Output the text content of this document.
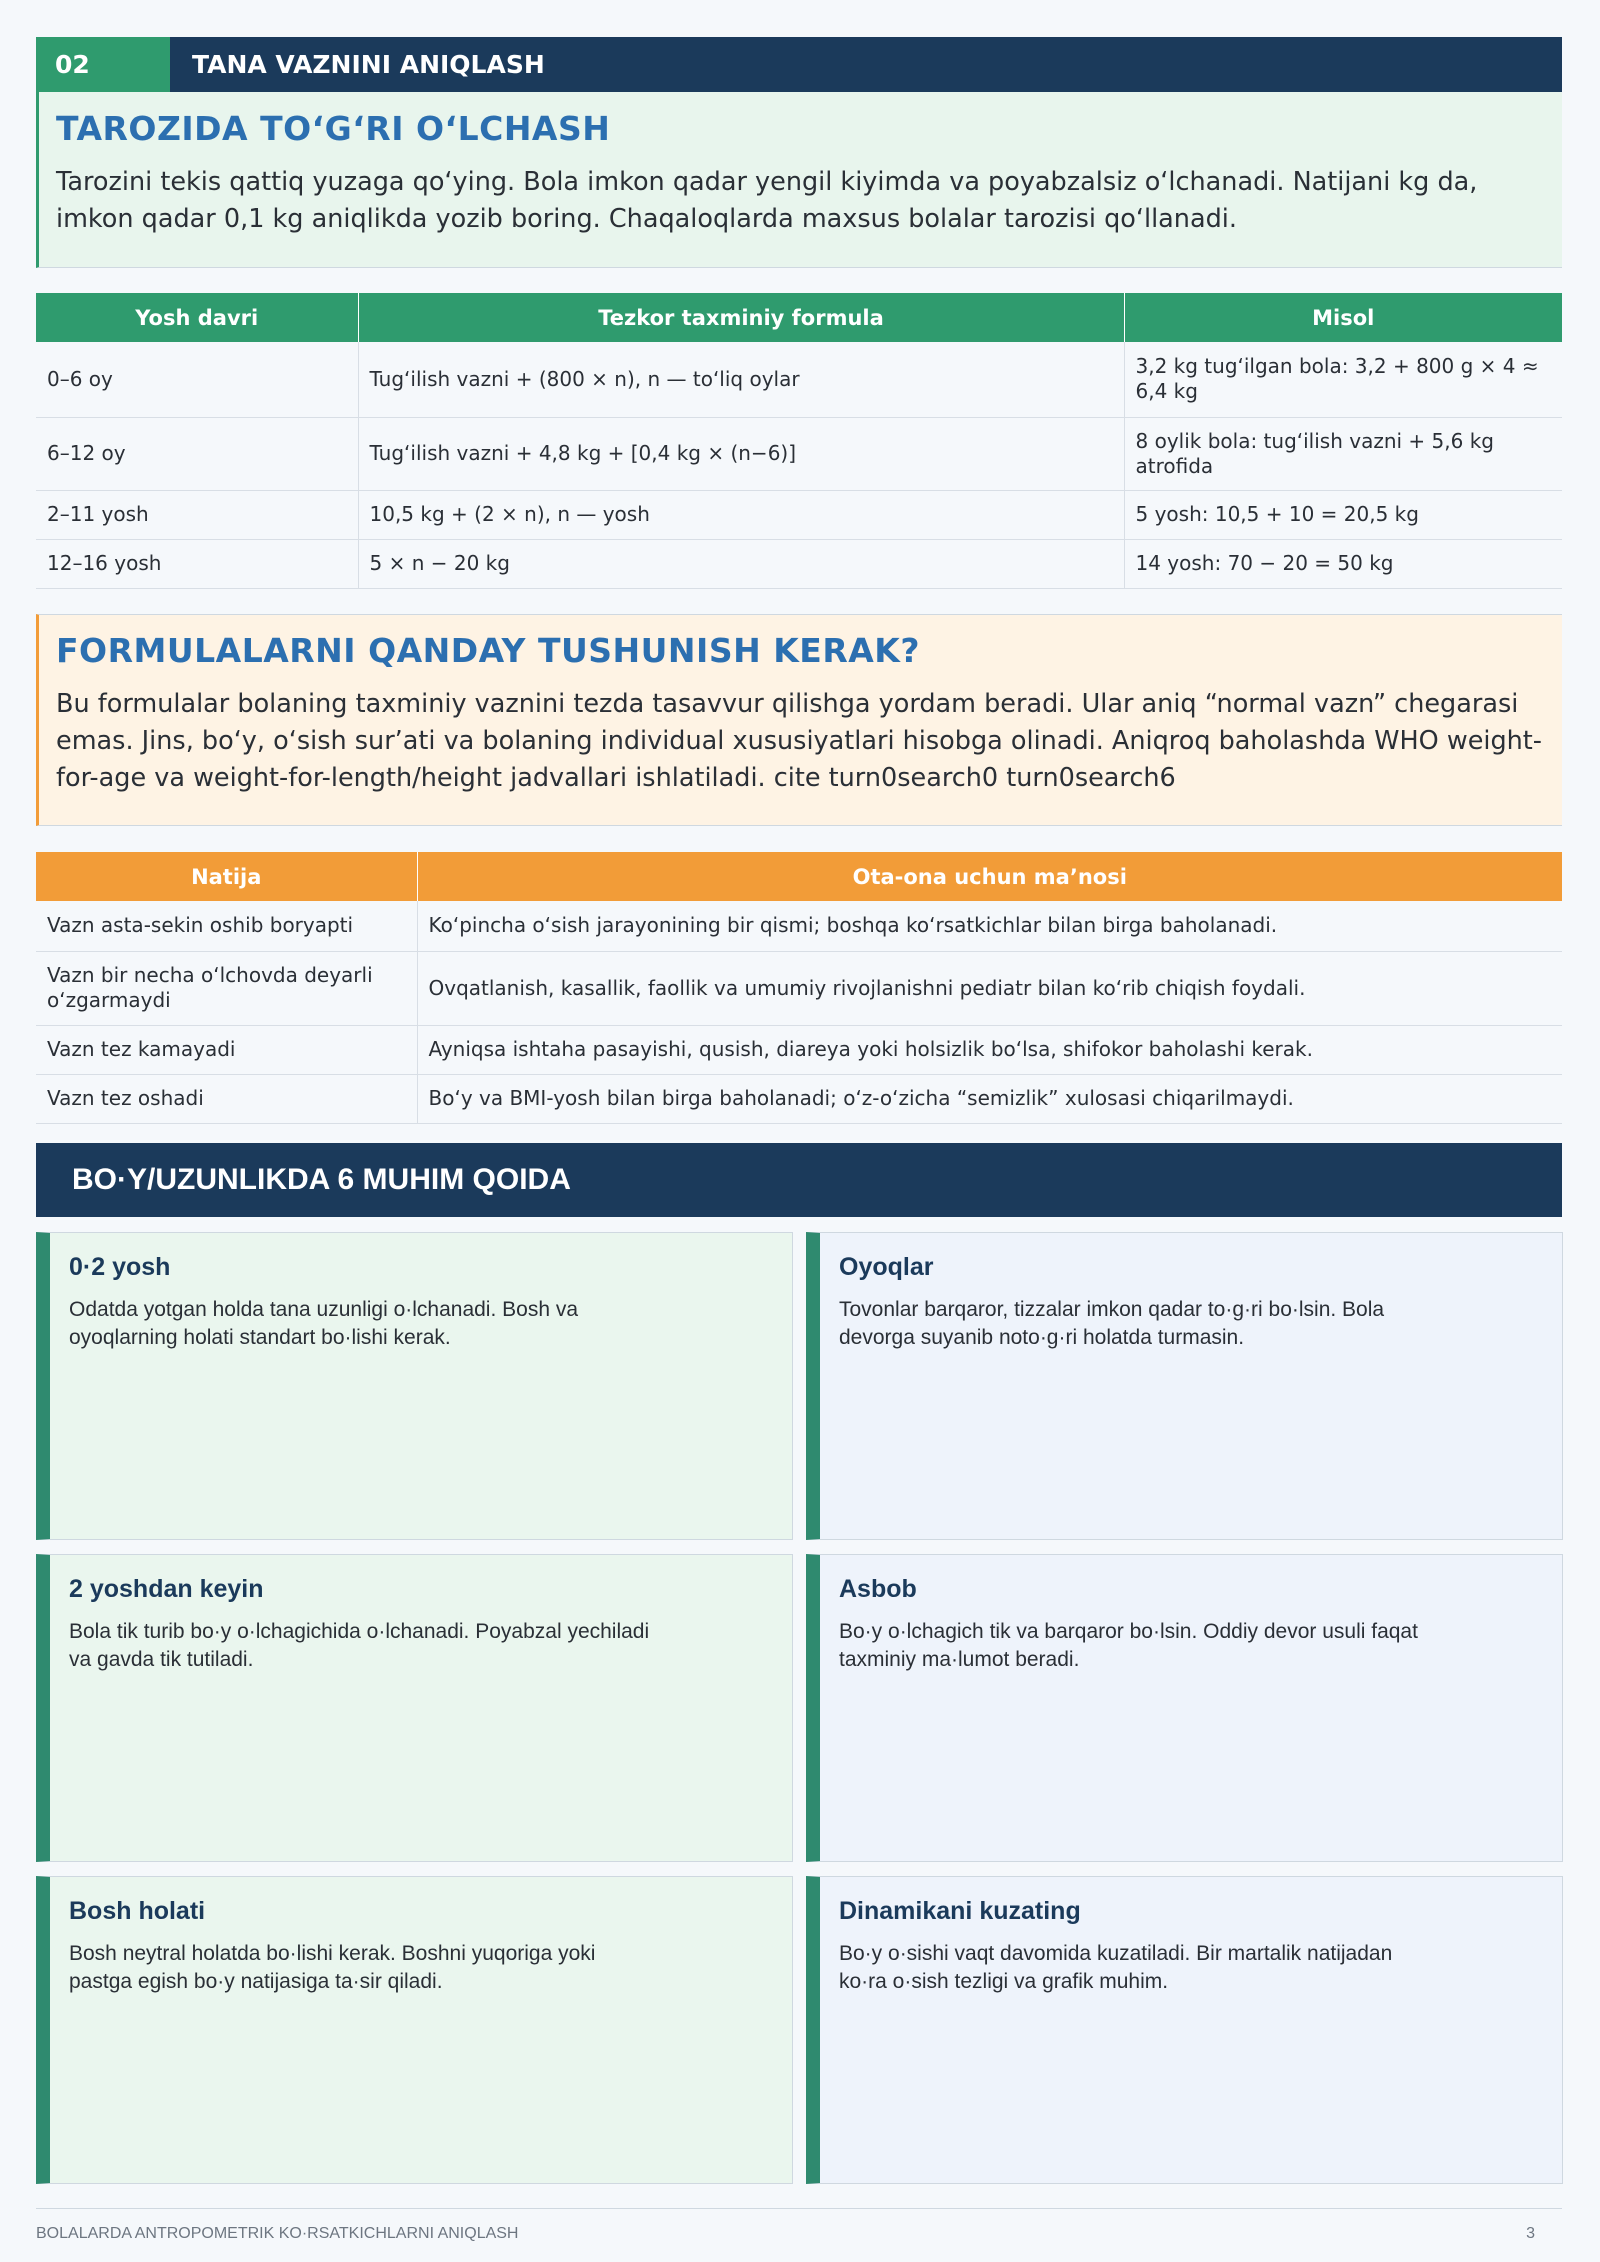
02	TANA VAZNINI ANIQLASH
TAROZIDA TO‘G‘RI O‘LCHASH

Tarozini tekis qattiq yuzaga qo‘ying. Bola imkon qadar yengil kiyimda va poyabzalsiz o‘lchanadi. Natijani kg da, imkon qadar 0,1 kg aniqlikda yozib boring. Chaqaloqlarda maxsus bolalar tarozisi qo‘llanadi.

Yosh davri	Tezkor taxminiy formula	Misol
0–6 oy	Tug‘ilish vazni + (800 × n), n — to‘liq oylar	3,2 kg tug‘ilgan bola: 3,2 + 800 g × 4 ≈ 6,4 kg
6–12 oy	Tug‘ilish vazni + 4,8 kg + [0,4 kg × (n−6)]	8 oylik bola: tug‘ilish vazni + 5,6 kg atrofida
2–11 yosh	10,5 kg + (2 × n), n — yosh	5 yosh: 10,5 + 10 = 20,5 kg
12–16 yosh	5 × n − 20 kg	14 yosh: 70 − 20 = 50 kg
FORMULALARNI QANDAY TUSHUNISH KERAK?

Bu formulalar bolaning taxminiy vaznini tezda tasavvur qilishga yordam beradi. Ular aniq “normal vazn” chegarasi emas. Jins, bo‘y, o‘sish sur’ati va bolaning individual xususiyatlari hisobga olinadi. Aniqroq baholashda WHO weight-for-age va weight-for-length/height jadvallari ishlatiladi. cite turn0search0 turn0search6

Natija	Ota-ona uchun ma’nosi
Vazn asta-sekin oshib boryapti	Ko‘pincha o‘sish jarayonining bir qismi; boshqa ko‘rsatkichlar bilan birga baholanadi.
Vazn bir necha o‘lchovda deyarli o‘zgarmaydi	Ovqatlanish, kasallik, faollik va umumiy rivojlanishni pediatr bilan ko‘rib chiqish foydali.
Vazn tez kamayadi	Ayniqsa ishtaha pasayishi, qusish, diareya yoki holsizlik bo‘lsa, shifokor baholashi kerak.
Vazn tez oshadi	Bo‘y va BMI-yosh bilan birga baholanadi; o‘z-o‘zicha “semizlik” xulosasi chiqarilmaydi.
BO·Y/UZUNLIKDA 6 MUHIM QOIDA
0·2 yosh

Odatda yotgan holda tana uzunligi o·lchanadi. Bosh va oyoqlarning holati standart bo·lishi kerak.

Oyoqlar

Tovonlar barqaror, tizzalar imkon qadar to·g·ri bo·lsin. Bola devorga suyanib noto·g·ri holatda turmasin.

2 yoshdan keyin

Bola tik turib bo·y o·lchagichida o·lchanadi. Poyabzal yechiladi va gavda tik tutiladi.

Asbob

Bo·y o·lchagich tik va barqaror bo·lsin. Oddiy devor usuli faqat taxminiy ma·lumot beradi.

Bosh holati

Bosh neytral holatda bo·lishi kerak. Boshni yuqoriga yoki pastga egish bo·y natijasiga ta·sir qiladi.

Dinamikani kuzating

Bo·y o·sishi vaqt davomida kuzatiladi. Bir martalik natijadan ko·ra o·sish tezligi va grafik muhim.

BOLALARDA ANTROPOMETRIK KO·RSATKICHLARNI ANIQLASH	3
